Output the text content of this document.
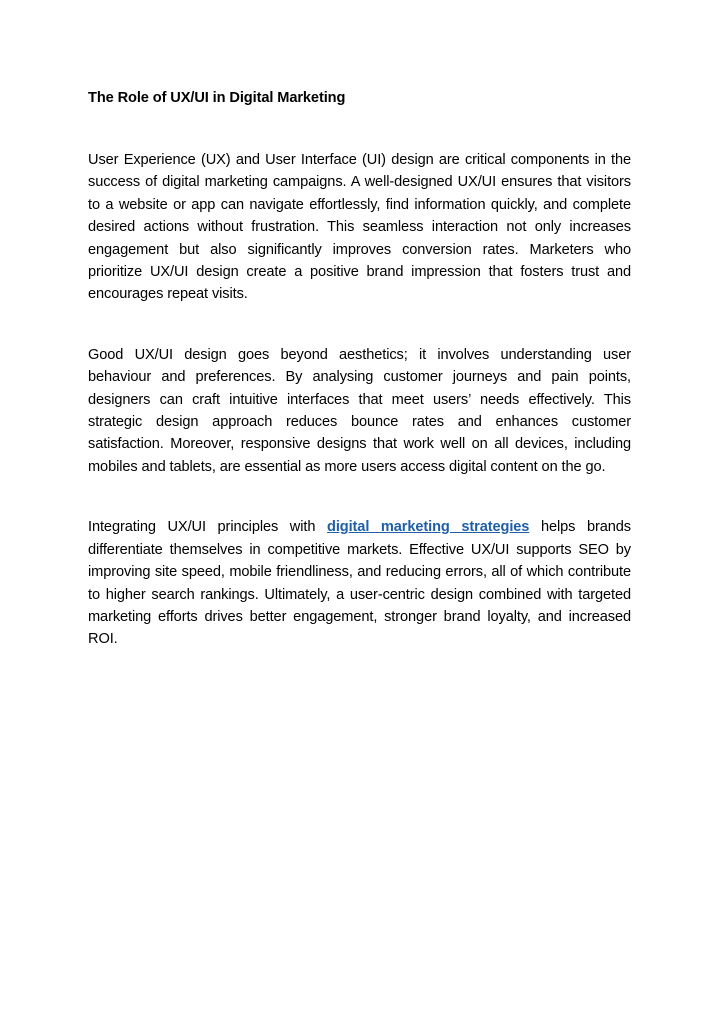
The Role of UX/UI in Digital Marketing

User Experience (UX) and User Interface (UI) design are critical components in the success of digital marketing campaigns. A well-designed UX/UI ensures that visitors to a website or app can navigate effortlessly, find information quickly, and complete desired actions without frustration. This seamless interaction not only increases engagement but also significantly improves conversion rates. Marketers who prioritize UX/UI design create a positive brand impression that fosters trust and encourages repeat visits.

Good UX/UI design goes beyond aesthetics; it involves understanding user behaviour and preferences. By analysing customer journeys and pain points, designers can craft intuitive interfaces that meet users’ needs effectively. This strategic design approach reduces bounce rates and enhances customer satisfaction. Moreover, responsive designs that work well on all devices, including mobiles and tablets, are essential as more users access digital content on the go.

Integrating UX/UI principles with digital marketing strategies helps brands differentiate themselves in competitive markets. Effective UX/UI supports SEO by improving site speed, mobile friendliness, and reducing errors, all of which contribute to higher search rankings. Ultimately, a user-centric design combined with targeted marketing efforts drives better engagement, stronger brand loyalty, and increased ROI.
